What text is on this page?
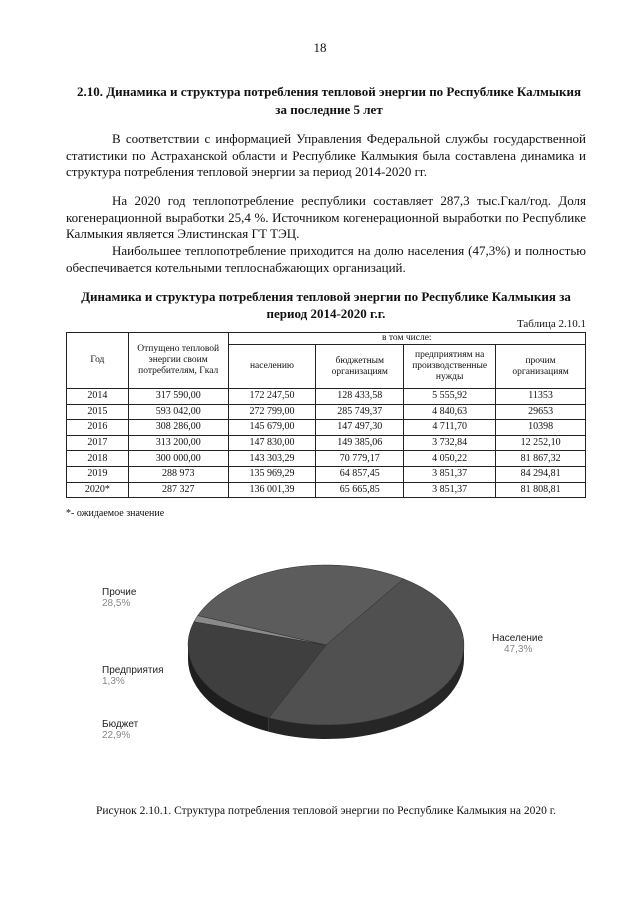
18
2.10. Динамика и структура потребления тепловой энергии по Республике Калмыкия за последние 5 лет

В соответствии с информацией Управления Федеральной службы государственной статистики по Астраханской области и Республике Калмыкия была составлена динамика и структура потребления тепловой энергии за период 2014-2020 гг.

На 2020 год теплопотребление республики составляет 287,3 тыс.Гкал/год. Доля когенерационной выработки 25,4 %. Источником когенерационной выработки по Республике Калмыкия является Элистинская ГТ ТЭЦ.

Наибольшее теплопотребление приходится на долю населения (47,3%) и полностью обеспечивается котельными теплоснабжающих организаций.

Динамика и структура потребления тепловой энергии по Республике Калмыкия за период 2014-2020 г.г.
Таблица 2.10.1
Год	Отпущено тепловой энергии своим потребителям, Гкал	в том числе:			
		населению	бюджетным организациям	предприятиям на производственные нужды	прочим организациям
2014	317 590,00	172 247,50	128 433,58	5 555,92	11353
2015	593 042,00	272 799,00	285 749,37	4 840,63	29653
2016	308 286,00	145 679,00	147 497,30	4 711,70	10398
2017	313 200,00	147 830,00	149 385,06	3 732,84	12 252,10
2018	300 000,00	143 303,29	70 779,17	4 050,22	81 867,32
2019	288 973	135 969,29	64 857,45	3 851,37	84 294,81
2020*	287 327	136 001,39	65 665,85	3 851,37	81 808,81
*- ожидаемое значение
Прочие
28,5%
Население
47,3%
Предприятия
1,3%
Бюджет
22,9%
Рисунок 2.10.1. Структура потребления тепловой энергии по Республике Калмыкия на 2020 г.
